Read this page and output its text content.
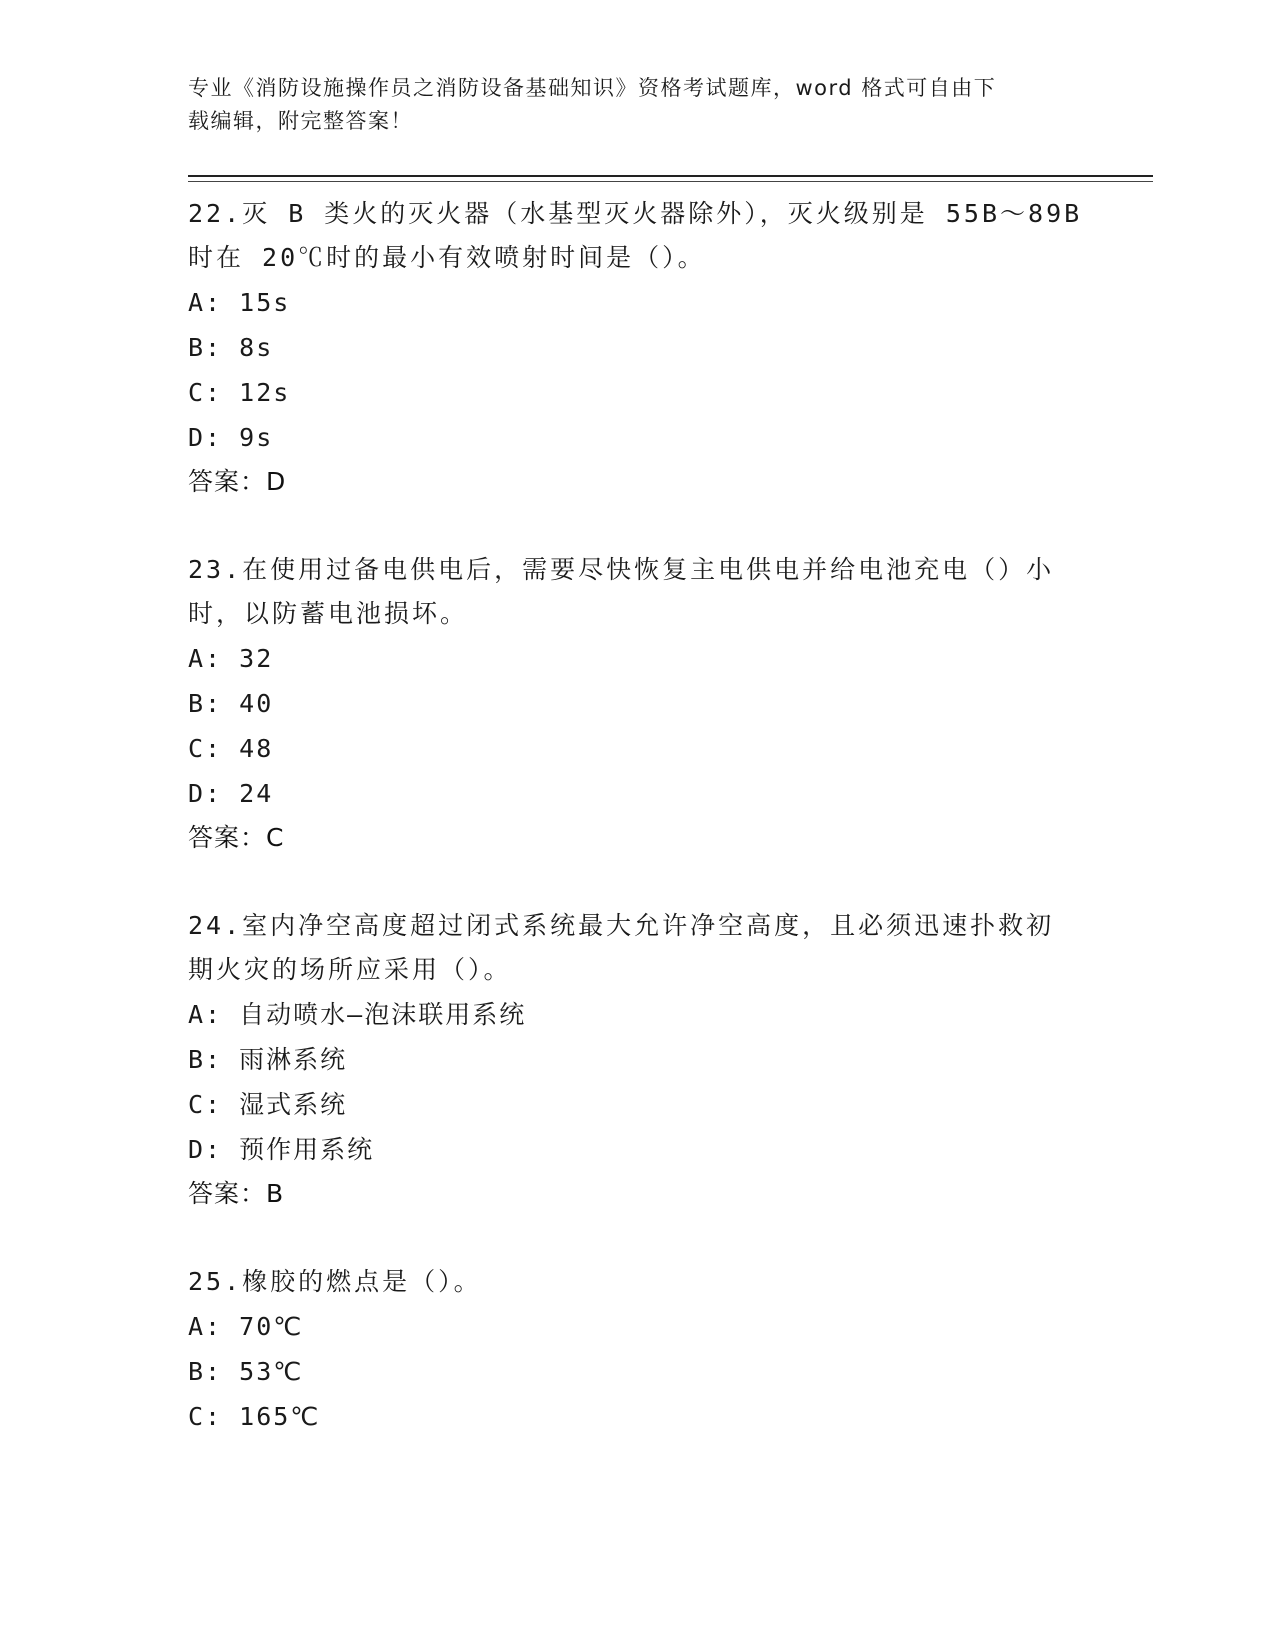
专业《消防设施操作员之消防设备基础知识》资格考试题库，word 格式可自由下
载编辑，附完整答案！

22.灭 B 类火的灭火器（水基型灭火器除外），灭火级别是 55B～89B

时在 20℃时的最小有效喷射时间是（）。

A: 15s

B: 8s

C: 12s

D: 9s

答案：D

23.在使用过备电供电后，需要尽快恢复主电供电并给电池充电（）小

时，以防蓄电池损坏。

A: 32

B: 40

C: 48

D: 24

答案：C

24.室内净空高度超过闭式系统最大允许净空高度，且必须迅速扑救初

期火灾的场所应采用（）。

A: 自动喷水—泡沫联用系统

B: 雨淋系统

C: 湿式系统

D: 预作用系统

答案：B

25.橡胶的燃点是（）。

A: 70℃

B: 53℃

C: 165℃
